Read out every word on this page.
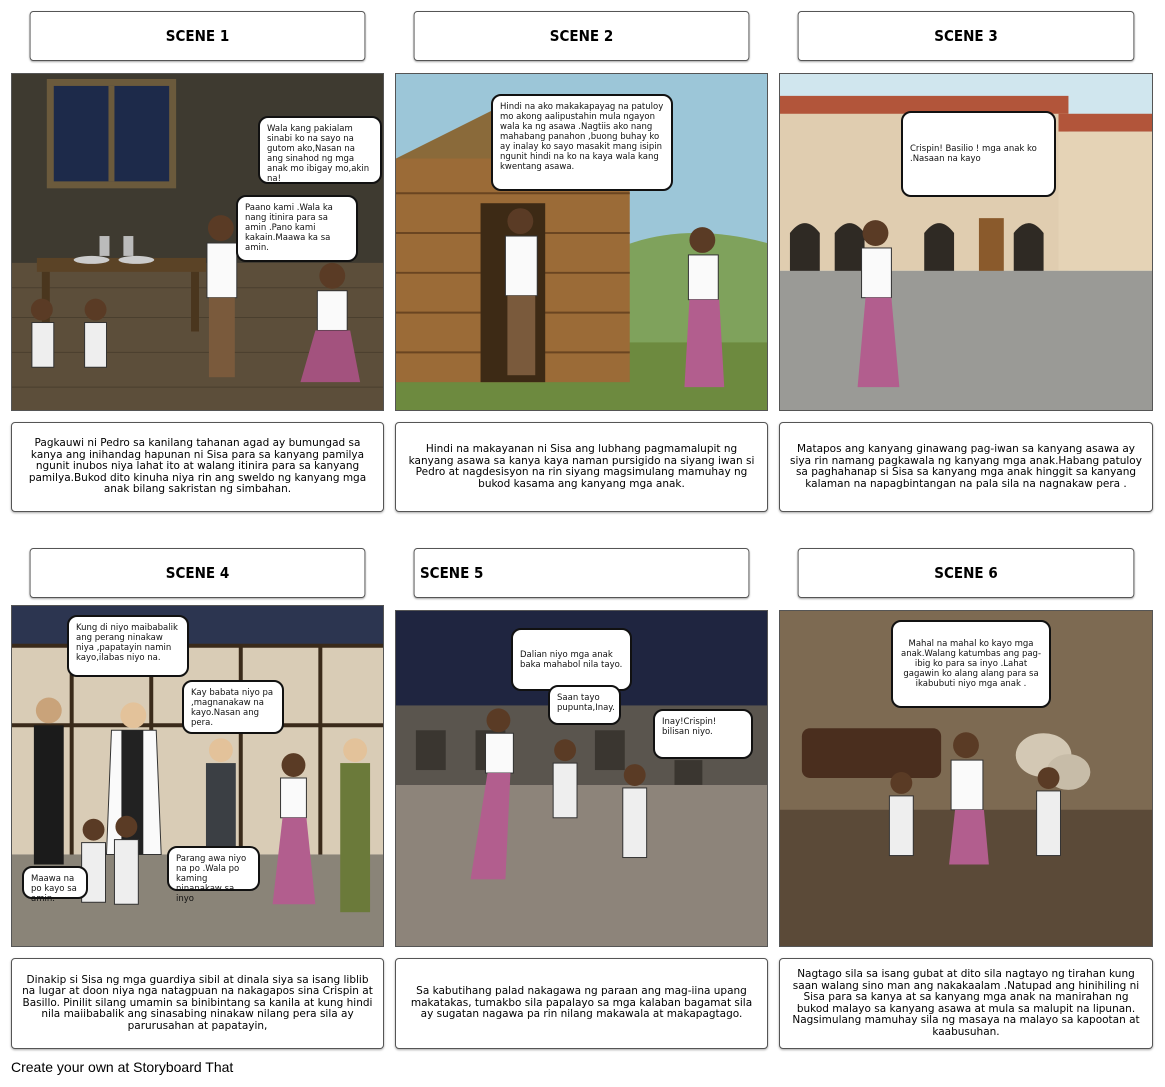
SCENE 1	SCENE 2	SCENE 3
Wala kang pakialam sinabi ko na sayo na gutom ako,Nasan na ang sinahod ng mga anak mo ibigay mo,akin na!
Paano kami .Wala ka nang itinira para sa amin .Pano kami kakain.Maawa ka sa amin.
Hindi na ako makakapayag na patuloy mo akong aalipustahin mula ngayon wala ka ng asawa .Nagtiis ako nang mahabang panahon ,buong buhay ko ay inalay ko sayo masakit mang isipin ngunit hindi na ko na kaya wala kang kwentang asawa.
Crispin! Basilio ! mga anak ko .Nasaan na kayo
Pagkauwi ni Pedro sa kanilang tahanan agad ay bumungad sa kanya ang inihandag hapunan ni Sisa para sa kanyang pamilya ngunit inubos niya lahat ito at walang itinira para sa kanyang pamilya.Bukod dito kinuha niya rin ang sweldo ng kanyang mga anak bilang sakristan ng simbahan.
Hindi na makayanan ni Sisa ang lubhang pagmamalupit ng kanyang asawa sa kanya kaya naman pursigido na siyang iwan si Pedro at nagdesisyon na rin siyang magsimulang mamuhay ng bukod kasama ang kanyang mga anak.
Matapos ang kanyang ginawang pag-iwan sa kanyang asawa ay siya rin namang pagkawala ng kanyang mga anak.Habang patuloy sa paghahanap si Sisa sa kanyang mga anak hinggit sa kanyang kalaman na napagbintangan na pala sila na nagnakaw pera .
SCENE 4	SCENE 5	SCENE 6
Kung di niyo maibabalik ang perang ninakaw niya ,papatayin namin kayo,ilabas niyo na.
Kay babata niyo pa ,magnanakaw na kayo.Nasan ang pera.
Parang awa niyo na po .Wala po kaming ninanakaw sa inyo
Maawa na po kayo sa amin.
Dalian niyo mga anak baka mahabol nila tayo.
Saan tayo pupunta,Inay.
Inay!Crispin! bilisan niyo.
Mahal na mahal ko kayo mga anak.Walang katumbas ang pag-ibig ko para sa inyo .Lahat gagawin ko alang alang para sa ikabubuti niyo mga anak .
Dinakip si Sisa ng mga guardiya sibil at dinala siya sa isang liblib na lugar at doon niya nga natagpuan na nakagapos sina Crispin at Basillo. Pinilit silang umamin sa binibintang sa kanila at kung hindi nila maiibabalik ang sinasabing ninakaw nilang pera sila ay parurusahan at papatayin,
Sa kabutihang palad nakagawa ng paraan ang mag-iina upang makatakas, tumakbo sila papalayo sa mga kalaban bagamat sila ay sugatan nagawa pa rin nilang makawala at makapagtago.
Nagtago sila sa isang gubat at dito sila nagtayo ng tirahan kung saan walang sino man ang nakakaalam .Natupad ang hinihiling ni Sisa para sa kanya at sa kanyang mga anak na manirahan ng bukod malayo sa kanyang asawa at mula sa malupit na lipunan. Nagsimulang mamuhay sila ng masaya na malayo sa kapootan at kaabusuhan.
Create your own at Storyboard That
